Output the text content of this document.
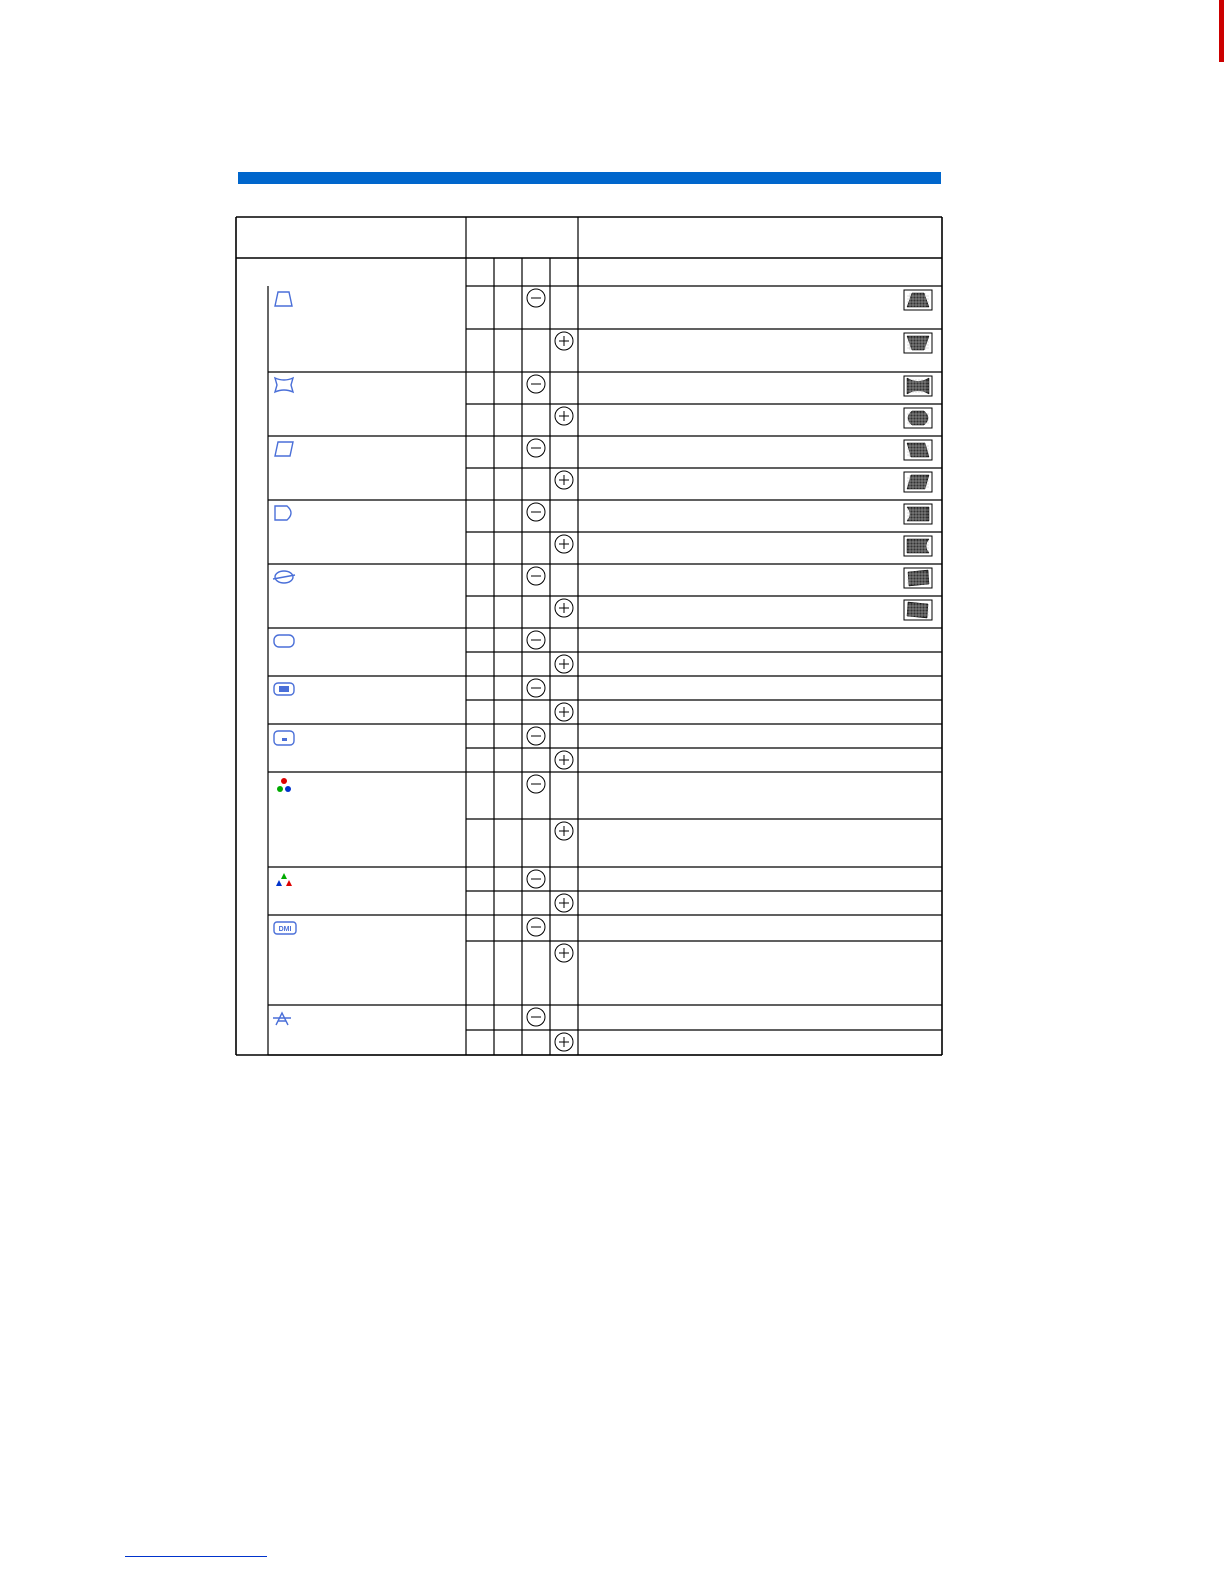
DMI
